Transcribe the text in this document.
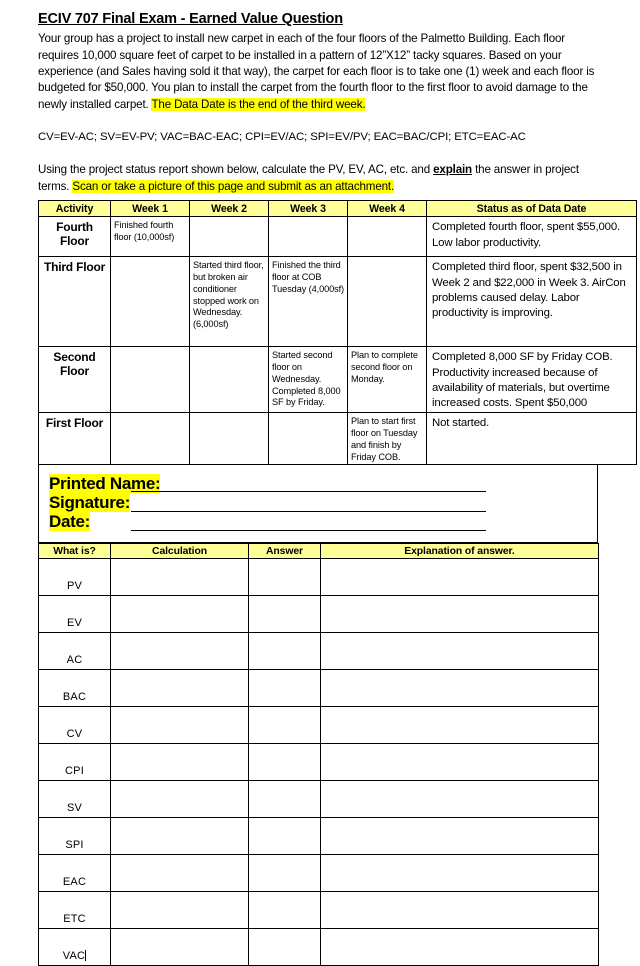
ECIV 707 Final Exam - Earned Value Question

Your group has a project to install new carpet in each of the four floors of the Palmetto Building. Each floor requires 10,000 square feet of carpet to be installed in a pattern of 12”X12” tacky squares. Based on your experience (and Sales having sold it that way), the carpet for each floor is to take one (1) week and each floor is budgeted for $50,000. You plan to install the carpet from the fourth floor to the first floor to avoid damage to the newly installed carpet. The Data Date is the end of the third week.

CV=EV-AC; SV=EV-PV; VAC=BAC-EAC; CPI=EV/AC; SPI=EV/PV; EAC=BAC/CPI; ETC=EAC-AC

Using the project status report shown below, calculate the PV, EV, AC, etc. and explain the answer in project terms. Scan or take a picture of this page and submit as an attachment.

Activity	Week 1	Week 2	Week 3	Week 4	Status as of Data Date
Fourth Floor	Finished fourth floor (10,000sf)				Completed fourth floor, spent $55,000. Low labor productivity.
Third Floor		Started third floor, but broken air conditioner stopped work on Wednesday. (6,000sf)	Finished the third floor at COB Tuesday (4,000sf)		Completed third floor, spent $32,500 in Week 2 and $22,000 in Week 3. AirCon problems caused delay. Labor productivity is improving.
Second Floor			Started second floor on Wednesday. Completed 8,000 SF by Friday.	Plan to complete second floor on Monday.	Completed 8,000 SF by Friday COB. Productivity increased because of availability of materials, but overtime increased costs. Spent $50,000
First Floor				Plan to start first floor on Tuesday and finish by Friday COB.	Not started.
Printed Name:
Signature:
Date:
What is?	Calculation	Answer	Explanation of answer.
PV			
EV			
AC			
BAC			
CV			
CPI			
SV			
SPI			
EAC			
ETC			
VAC			
